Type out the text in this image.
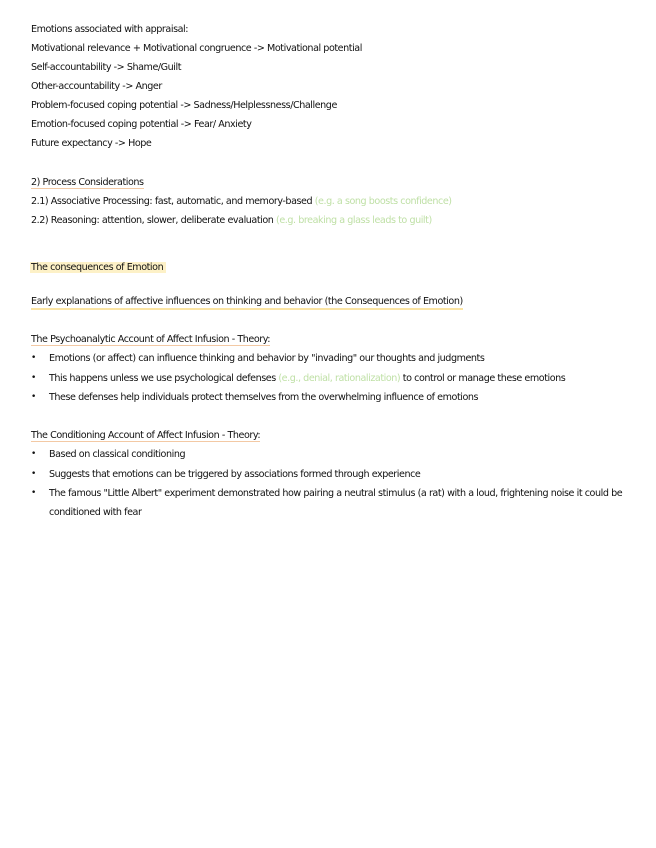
Emotions associated with appraisal:
Motivational relevance + Motivational congruence -> Motivational potential
Self-accountability -> Shame/Guilt
Other-accountability -> Anger
Problem-focused coping potential -> Sadness/Helplessness/Challenge
Emotion-focused coping potential -> Fear/ Anxiety
Future expectancy -> Hope
2) Process Considerations
2.1) Associative Processing: fast, automatic, and memory-based (e.g. a song boosts confidence)
2.2) Reasoning: attention, slower, deliberate evaluation (e.g. breaking a glass leads to guilt)
The consequences of Emotion
Early explanations of affective influences on thinking and behavior (the Consequences of Emotion)
The Psychoanalytic Account of Affect Infusion - Theory:
• Emotions (or affect) can influence thinking and behavior by "invading" our thoughts and judgments
• This happens unless we use psychological defenses (e.g., denial, rationalization) to control or manage these emotions
• These defenses help individuals protect themselves from the overwhelming influence of emotions
The Conditioning Account of Affect Infusion - Theory:
• Based on classical conditioning
• Suggests that emotions can be triggered by associations formed through experience
• The famous "Little Albert" experiment demonstrated how pairing a neutral stimulus (a rat) with a loud, frightening noise it could be conditioned with fear
